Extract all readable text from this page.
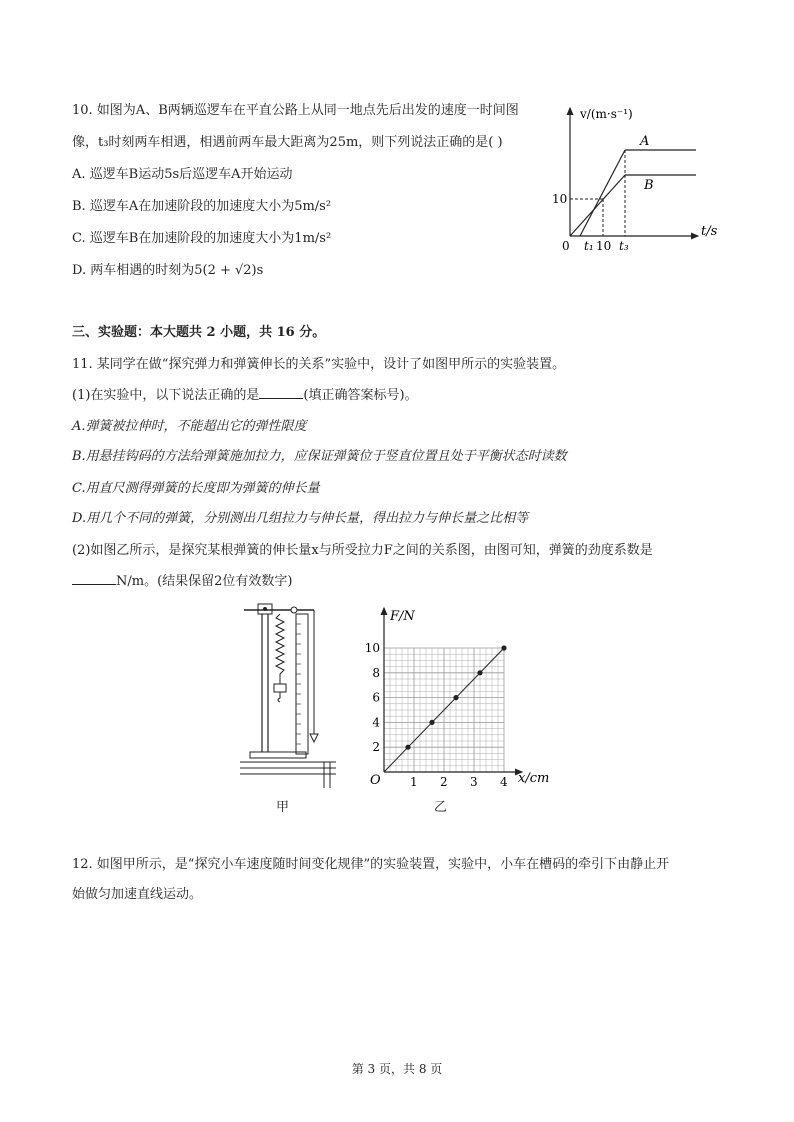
10. 如图为A、B两辆巡逻车在平直公路上从同一地点先后出发的速度一时间图
像，t₃时刻两车相遇，相遇前两车最大距离为25m，则下列说法正确的是( )
A. 巡逻车B运动5s后巡逻车A开始运动
B. 巡逻车A在加速阶段的加速度大小为5m/s²
C. 巡逻车B在加速阶段的加速度大小为1m/s²
D. 两车相遇的时刻为5(2 + √2)s
v/(m·s⁻¹)
t/s
0
10
t₁ 10 t₃
A
B
三、实验题：本大题共 2 小题，共 16 分。
11. 某同学在做“探究弹力和弹簧伸长的关系”实验中，设计了如图甲所示的实验装置。
(1)在实验中，以下说法正确的是	(填正确答案标号)。
A.弹簧被拉伸时，不能超出它的弹性限度
B.用悬挂钩码的方法给弹簧施加拉力，应保证弹簧位于竖直位置且处于平衡状态时读数
C.用直尺测得弹簧的长度即为弹簧的伸长量
D.用几个不同的弹簧，分别测出几组拉力与伸长量，得出拉力与伸长量之比相等
(2)如图乙所示，是探究某根弹簧的伸长量x与所受拉力F之间的关系图，由图可知，弹簧的劲度系数是
N/m。(结果保留2位有效数字)
甲
1 2 3 4
2
4
6
8
10
F/N
x/cm
O
乙
12. 如图甲所示，是“探究小车速度随时间变化规律”的实验装置，实验中，小车在槽码的牵引下由静止开
始做匀加速直线运动。
第 3 页，共 8 页
